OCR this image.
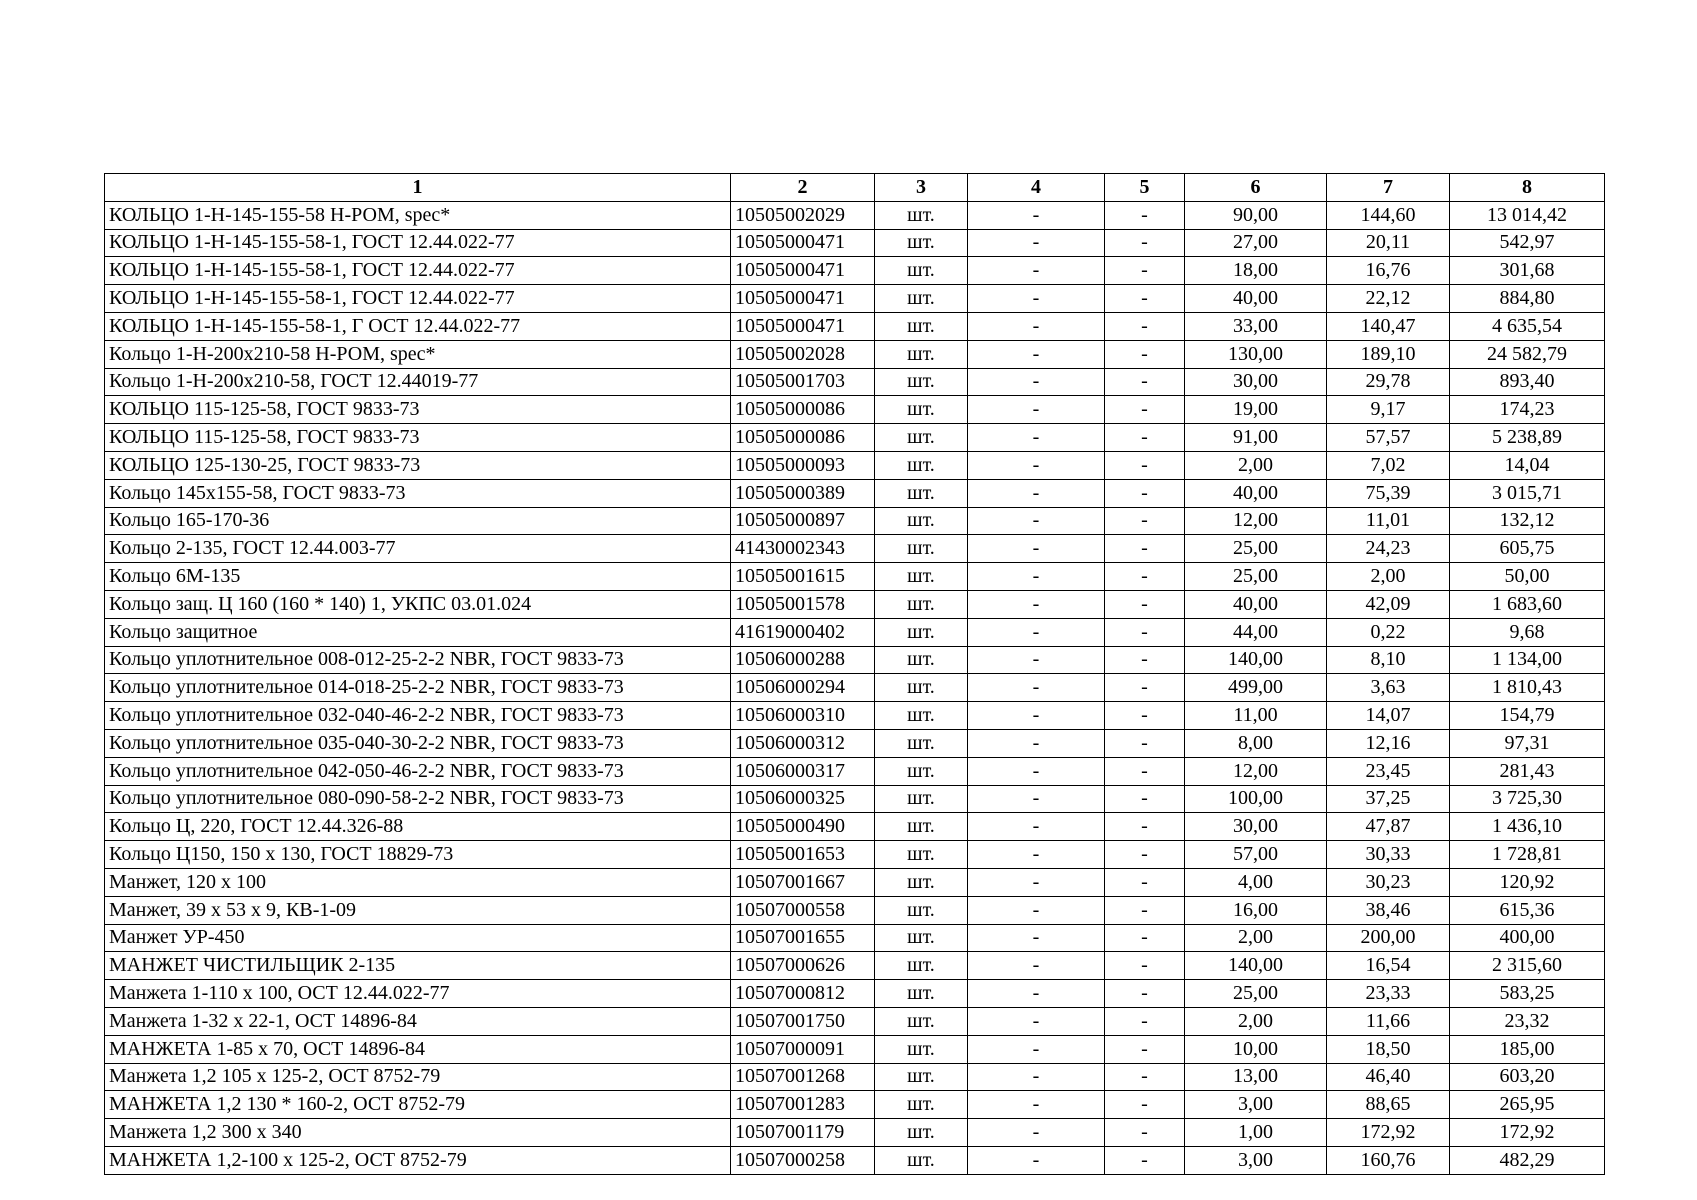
1	2	3	4	5	6	7	8
КОЛЬЦО 1-Н-145-155-58 Н-РОМ, spec*	10505002029	шт.	-	-	90,00	144,60	13 014,42
КОЛЬЦО 1-Н-145-155-58-1, ГОСТ 12.44.022-77	10505000471	шт.	-	-	27,00	20,11	542,97
КОЛЬЦО 1-Н-145-155-58-1, ГОСТ 12.44.022-77	10505000471	шт.	-	-	18,00	16,76	301,68
КОЛЬЦО 1-Н-145-155-58-1, ГОСТ 12.44.022-77	10505000471	шт.	-	-	40,00	22,12	884,80
КОЛЬЦО 1-Н-145-155-58-1, Г ОСТ 12.44.022-77	10505000471	шт.	-	-	33,00	140,47	4 635,54
Кольцо 1-Н-200х210-58 Н-РОМ, spec*	10505002028	шт.	-	-	130,00	189,10	24 582,79
Кольцо 1-Н-200х210-58, ГОСТ 12.44019-77	10505001703	шт.	-	-	30,00	29,78	893,40
КОЛЬЦО 115-125-58, ГОСТ 9833-73	10505000086	шт.	-	-	19,00	9,17	174,23
КОЛЬЦО 115-125-58, ГОСТ 9833-73	10505000086	шт.	-	-	91,00	57,57	5 238,89
КОЛЬЦО 125-130-25, ГОСТ 9833-73	10505000093	шт.	-	-	2,00	7,02	14,04
Кольцо 145х155-58, ГОСТ 9833-73	10505000389	шт.	-	-	40,00	75,39	3 015,71
Кольцо 165-170-36	10505000897	шт.	-	-	12,00	11,01	132,12
Кольцо 2-135, ГОСТ 12.44.003-77	41430002343	шт.	-	-	25,00	24,23	605,75
Кольцо 6М-135	10505001615	шт.	-	-	25,00	2,00	50,00
Кольцо защ. Ц 160 (160 * 140) 1, УКПС 03.01.024	10505001578	шт.	-	-	40,00	42,09	1 683,60
Кольцо защитное	41619000402	шт.	-	-	44,00	0,22	9,68
Кольцо уплотнительное 008-012-25-2-2 NBR, ГОСТ 9833-73	10506000288	шт.	-	-	140,00	8,10	1 134,00
Кольцо уплотнительное 014-018-25-2-2 NBR, ГОСТ 9833-73	10506000294	шт.	-	-	499,00	3,63	1 810,43
Кольцо уплотнительное 032-040-46-2-2 NBR, ГОСТ 9833-73	10506000310	шт.	-	-	11,00	14,07	154,79
Кольцо уплотнительное 035-040-30-2-2 NBR, ГОСТ 9833-73	10506000312	шт.	-	-	8,00	12,16	97,31
Кольцо уплотнительное 042-050-46-2-2 NBR, ГОСТ 9833-73	10506000317	шт.	-	-	12,00	23,45	281,43
Кольцо уплотнительное 080-090-58-2-2 NBR, ГОСТ 9833-73	10506000325	шт.	-	-	100,00	37,25	3 725,30
Кольцо Ц, 220, ГОСТ 12.44.326-88	10505000490	шт.	-	-	30,00	47,87	1 436,10
Кольцо Ц150, 150 х 130, ГОСТ 18829-73	10505001653	шт.	-	-	57,00	30,33	1 728,81
Манжет, 120 х 100	10507001667	шт.	-	-	4,00	30,23	120,92
Манжет, 39 х 53 х 9, КВ-1-09	10507000558	шт.	-	-	16,00	38,46	615,36
Манжет УР-450	10507001655	шт.	-	-	2,00	200,00	400,00
МАНЖЕТ ЧИСТИЛЬЩИК 2-135	10507000626	шт.	-	-	140,00	16,54	2 315,60
Манжета 1-110 х 100, ОСТ 12.44.022-77	10507000812	шт.	-	-	25,00	23,33	583,25
Манжета 1-32 х 22-1, ОСТ 14896-84	10507001750	шт.	-	-	2,00	11,66	23,32
МАНЖЕТА 1-85 х 70, ОСТ 14896-84	10507000091	шт.	-	-	10,00	18,50	185,00
Манжета 1,2 105 х 125-2, ОСТ 8752-79	10507001268	шт.	-	-	13,00	46,40	603,20
МАНЖЕТА 1,2 130 * 160-2, ОСТ 8752-79	10507001283	шт.	-	-	3,00	88,65	265,95
Манжета 1,2 300 х 340	10507001179	шт.	-	-	1,00	172,92	172,92
МАНЖЕТА 1,2-100 х 125-2, ОСТ 8752-79	10507000258	шт.	-	-	3,00	160,76	482,29
